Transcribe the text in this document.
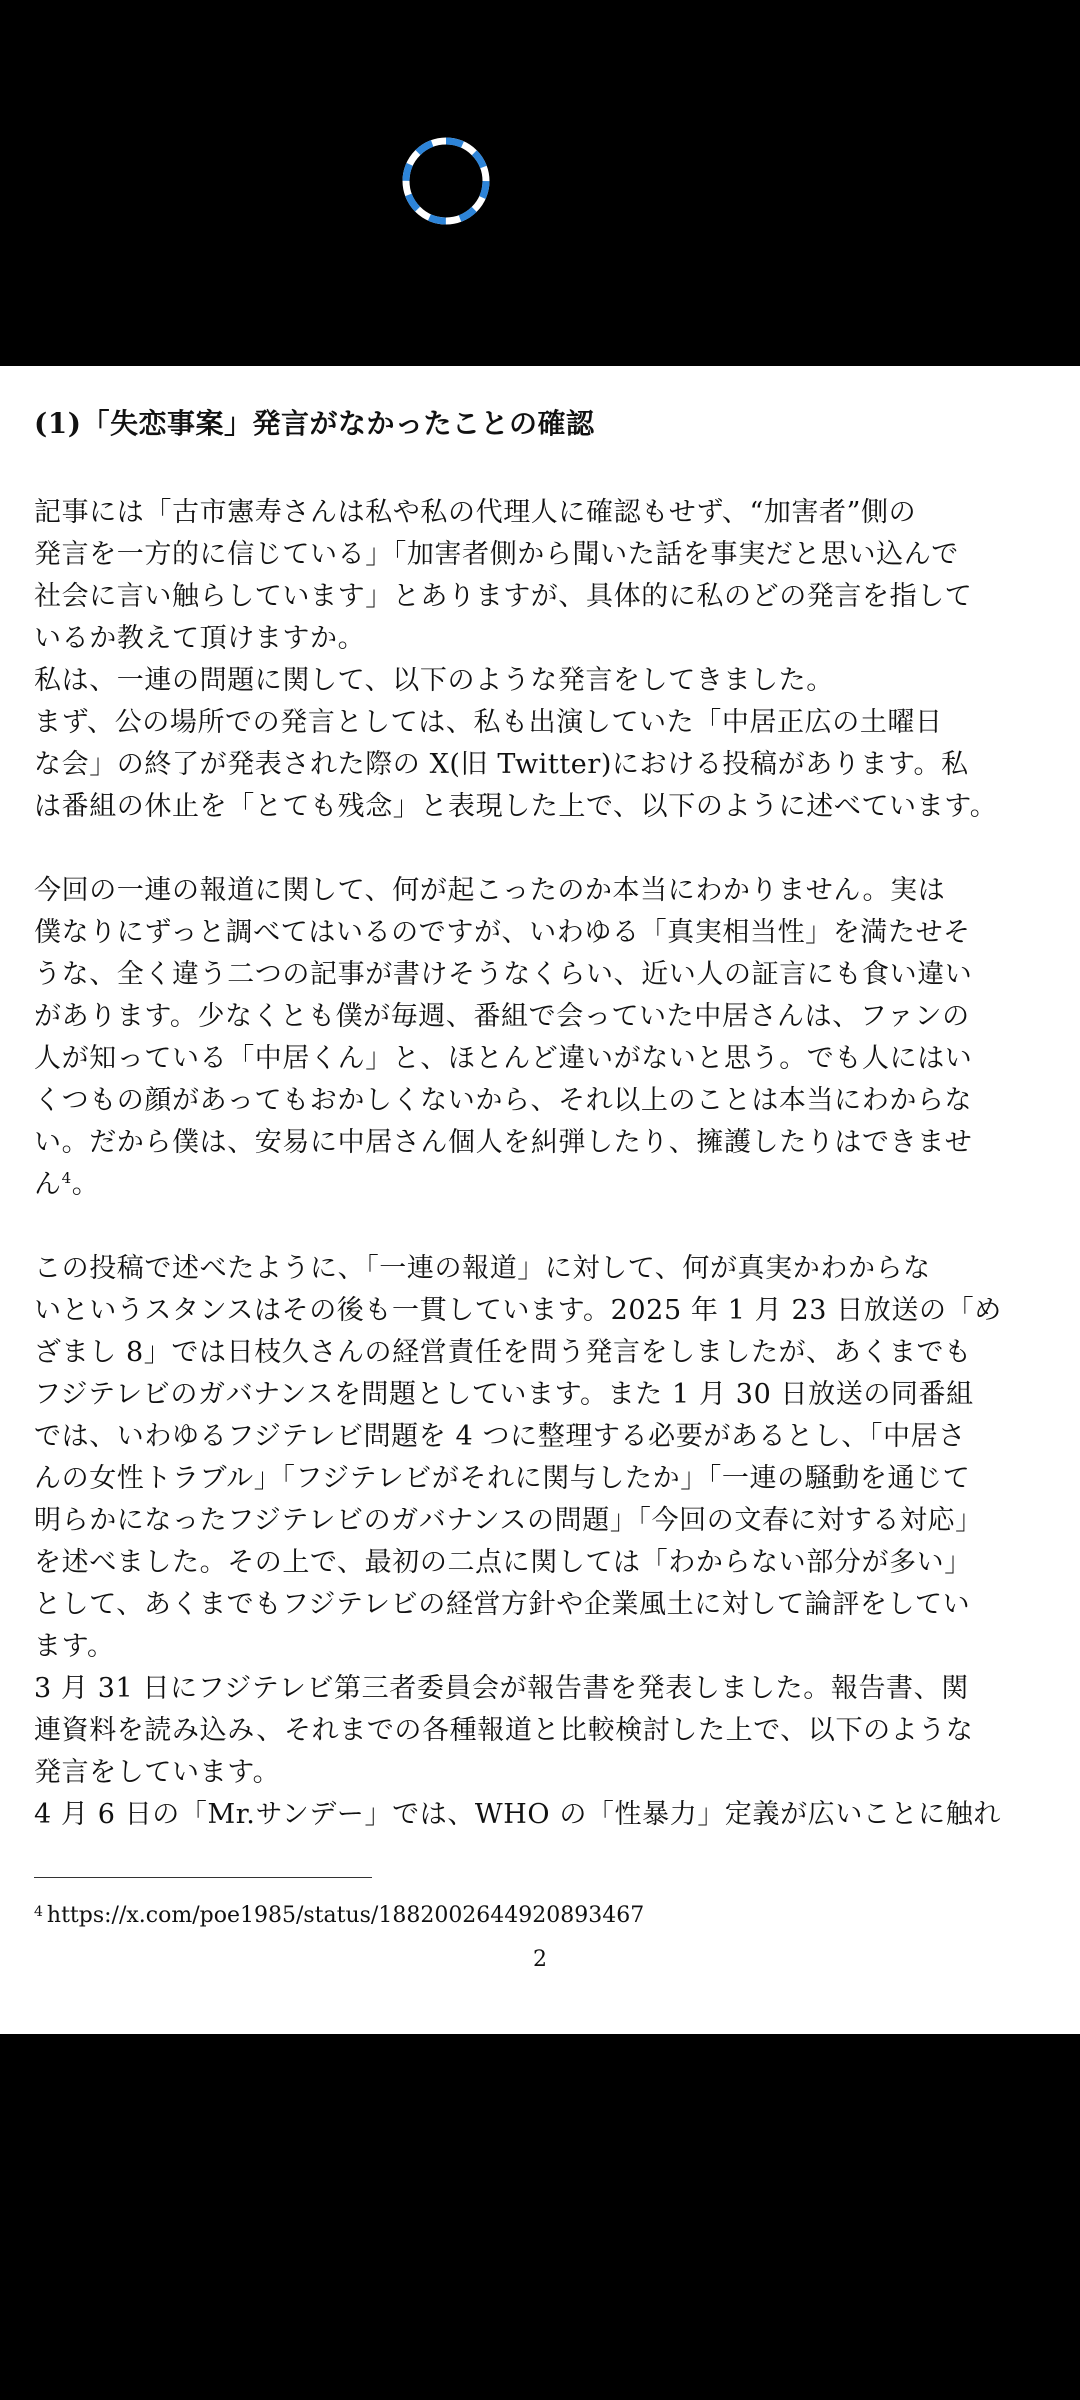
(1)「失恋事案」発言がなかったことの確認
記事には「古市憲寿さんは私や私の代理人に確認もせず、“加害者”側の
発言を一方的に信じている」「加害者側から聞いた話を事実だと思い込んで
社会に言い触らしています」とありますが、具体的に私のどの発言を指して
いるか教えて頂けますか。
私は、一連の問題に関して、以下のような発言をしてきました。
まず、公の場所での発言としては、私も出演していた「中居正広の土曜日
な会」の終了が発表された際の X(旧 Twitter)における投稿があります。私
は番組の休止を「とても残念」と表現した上で、以下のように述べています。
今回の一連の報道に関して、何が起こったのか本当にわかりません。実は
僕なりにずっと調べてはいるのですが、いわゆる「真実相当性」を満たせそ
うな、全く違う二つの記事が書けそうなくらい、近い人の証言にも食い違い
があります。少なくとも僕が毎週、番組で会っていた中居さんは、ファンの
人が知っている「中居くん」と、ほとんど違いがないと思う。でも人にはい
くつもの顔があってもおかしくないから、それ以上のことは本当にわからな
い。だから僕は、安易に中居さん個人を糾弾したり、擁護したりはできませ
ん$^4$。
この投稿で述べたように、「一連の報道」に対して、何が真実かわからな
いというスタンスはその後も一貫しています。2025 年 1 月 23 日放送の「め
ざまし 8」では日枝久さんの経営責任を問う発言をしましたが、あくまでも
フジテレビのガバナンスを問題としています。また 1 月 30 日放送の同番組
では、いわゆるフジテレビ問題を 4 つに整理する必要があるとし、「中居さ
んの女性トラブル」「フジテレビがそれに関与したか」「一連の騒動を通じて
明らかになったフジテレビのガバナンスの問題」「今回の文春に対する対応」
を述べました。その上で、最初の二点に関しては「わからない部分が多い」
として、あくまでもフジテレビの経営方針や企業風土に対して論評をしてい
ます。
3 月 31 日にフジテレビ第三者委員会が報告書を発表しました。報告書、関
連資料を読み込み、それまでの各種報道と比較検討した上で、以下のような
発言をしています。
4 月 6 日の「Mr.サンデー」では、WHO の「性暴力」定義が広いことに触れ
$^4$ https://x.com/poe1985/status/1882002644920893467
2
